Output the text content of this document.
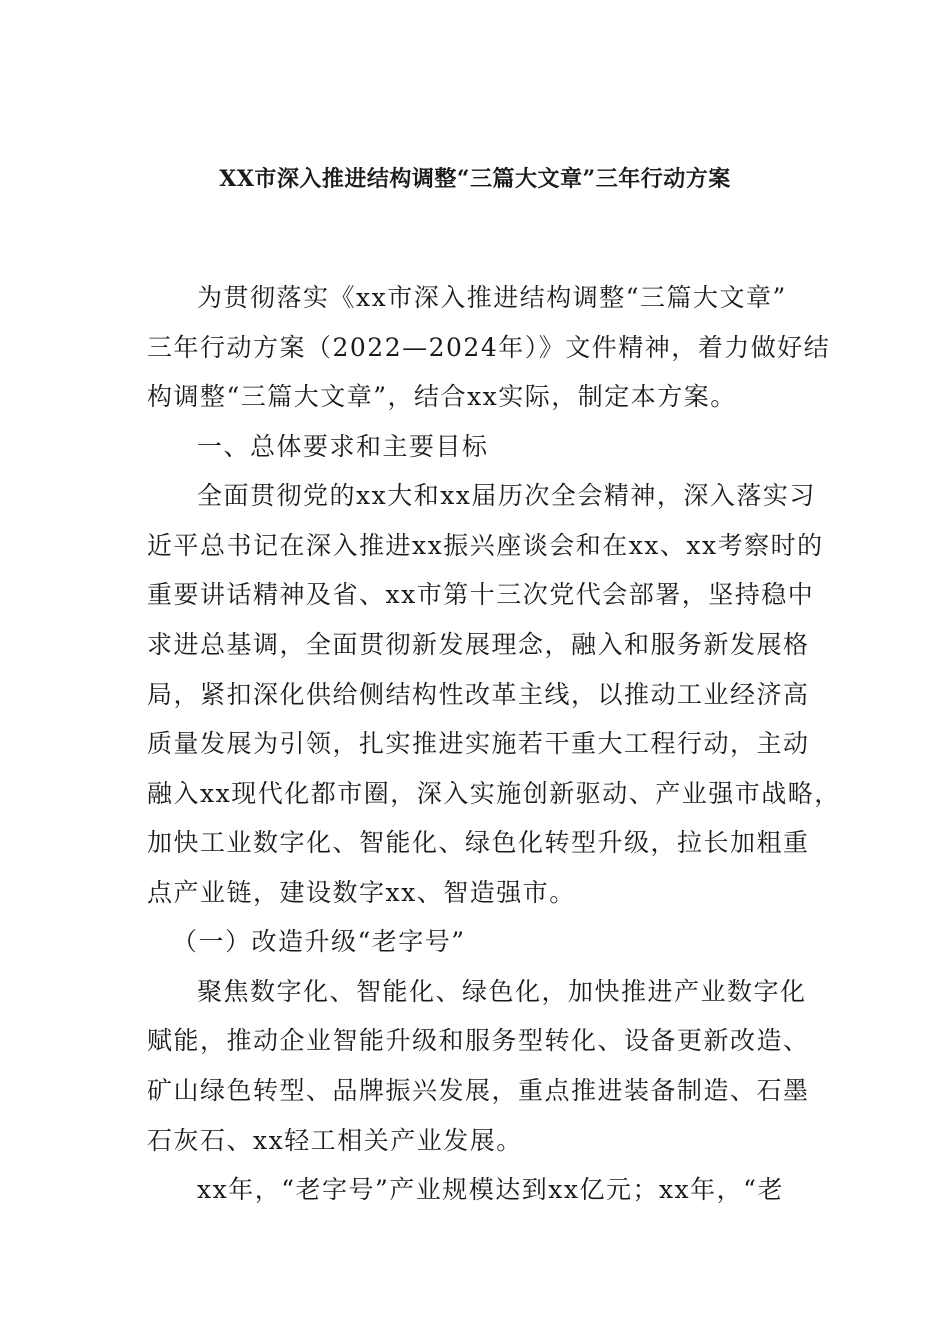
XX市深入推进结构调整“三篇大文章”三年行动方案
为贯彻落实《xx市深入推进结构调整“三篇大文章”
三年行动方案（2022—2024年）》文件精神，着力做好结
构调整“三篇大文章”，结合xx实际，制定本方案。
一、总体要求和主要目标
全面贯彻党的xx大和xx届历次全会精神，深入落实习
近平总书记在深入推进xx振兴座谈会和在xx、xx考察时的
重要讲话精神及省、xx市第十三次党代会部署，坚持稳中
求进总基调，全面贯彻新发展理念，融入和服务新发展格
局，紧扣深化供给侧结构性改革主线，以推动工业经济高
质量发展为引领，扎实推进实施若干重大工程行动，主动
融入xx现代化都市圈，深入实施创新驱动、产业强市战略，
加快工业数字化、智能化、绿色化转型升级，拉长加粗重
点产业链，建设数字xx、智造强市。
（一）改造升级“老字号”
聚焦数字化、智能化、绿色化，加快推进产业数字化
赋能，推动企业智能升级和服务型转化、设备更新改造、
矿山绿色转型、品牌振兴发展，重点推进装备制造、石墨
石灰石、xx轻工相关产业发展。
xx年，“老字号”产业规模达到xx亿元；xx年，“老
